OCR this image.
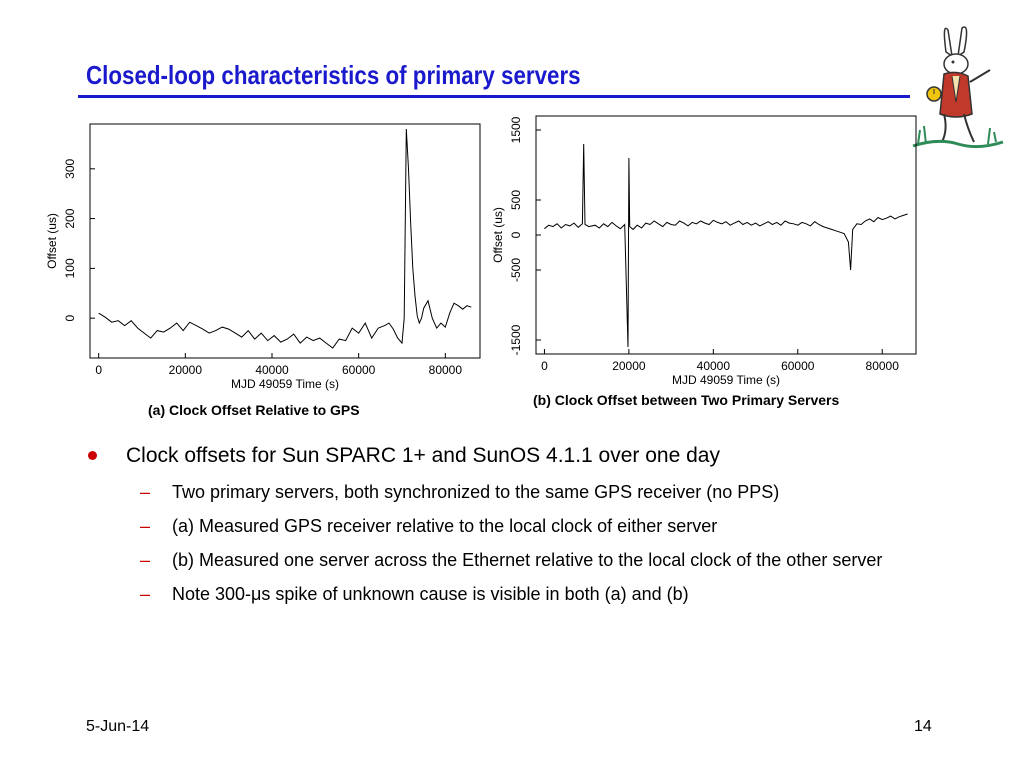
Closed-loop characteristics of primary servers
0	20000	40000	60000	80000
0
100
200
300
MJD 49059 Time (s)
Offset (us)
(a) Clock Offset Relative to GPS
0	20000	40000	60000	80000
-1500
-500
0
500
1500
MJD 49059 Time (s)
Offset (us)
(b) Clock Offset between Two Primary Servers
Clock offsets for Sun SPARC 1+ and SunOS 4.1.1 over one day
– Two primary servers, both synchronized to the same GPS receiver (no PPS)
– (a) Measured GPS receiver relative to the local clock of either server
– (b) Measured one server across the Ethernet relative to the local clock of the other server
– Note 300-μs spike of unknown cause is visible in both (a) and (b)
5-Jun-14	14
